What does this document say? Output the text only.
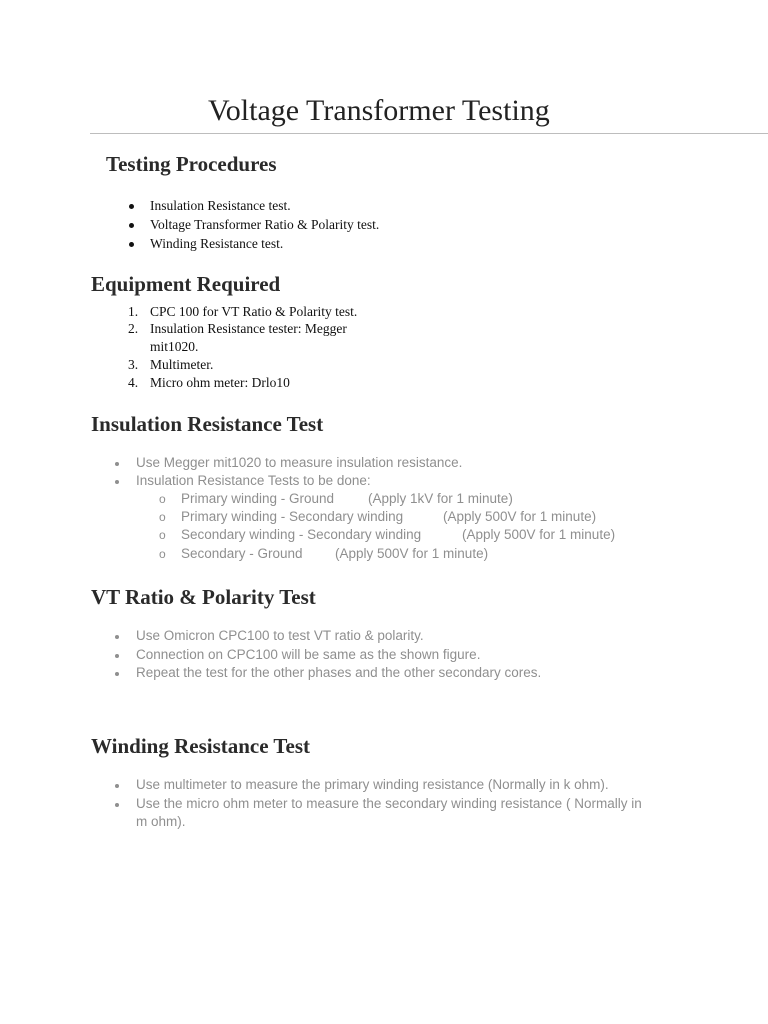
Voltage Transformer Testing
Testing Procedures
Insulation Resistance test.
Voltage Transformer Ratio & Polarity test.
Winding Resistance test.
Equipment Required
1. CPC 100 for VT Ratio & Polarity test.
2. Insulation Resistance tester: Megger
mit1020.
3. Multimeter.
4. Micro ohm meter: Drlo10
Insulation Resistance Test
Use Megger mit1020 to measure insulation resistance.
Insulation Resistance Tests to be done:
o Primary winding - Ground	(Apply 1kV for 1 minute)
o Primary winding - Secondary winding	(Apply 500V for 1 minute)
o Secondary winding - Secondary winding	(Apply 500V for 1 minute)
o Secondary - Ground (Apply 500V for 1 minute)
VT Ratio & Polarity Test
Use Omicron CPC100 to test VT ratio & polarity.
Connection on CPC100 will be same as the shown figure.
Repeat the test for the other phases and the other secondary cores.
Winding Resistance Test
Use multimeter to measure the primary winding resistance (Normally in k ohm).
Use the micro ohm meter to measure the secondary winding resistance ( Normally in
m ohm).
